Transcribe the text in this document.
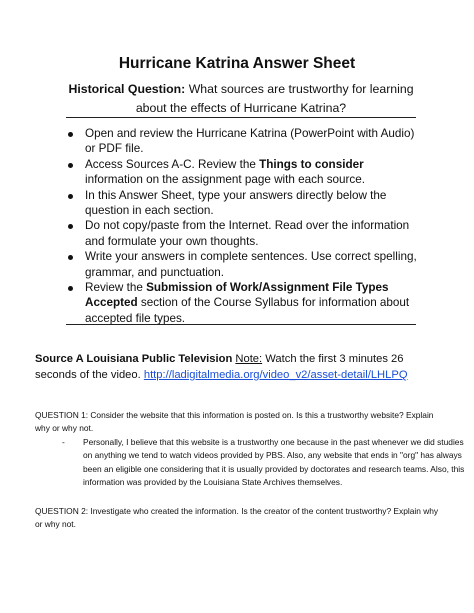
Hurricane Katrina Answer Sheet
Historical Question: What sources are trustworthy for learning about the effects of Hurricane Katrina?
Open and review the Hurricane Katrina (PowerPoint with Audio) or PDF file.
Access Sources A-C. Review the Things to consider information on the assignment page with each source.
In this Answer Sheet, type your answers directly below the question in each section.
Do not copy/paste from the Internet. Read over the information and formulate your own thoughts.
Write your answers in complete sentences. Use correct spelling, grammar, and punctuation.
Review the Submission of Work/Assignment File Types Accepted section of the Course Syllabus for information about accepted file types.
Source A Louisiana Public Television Note: Watch the first 3 minutes 26 seconds of the video. http://ladigitalmedia.org/video_v2/asset-detail/LHLPQ
QUESTION 1: Consider the website that this information is posted on. Is this a trustworthy website? Explain why or why not.
- Personally, I believe that this website is a trustworthy one because in the past whenever we did studies on anything we tend to watch videos provided by PBS. Also, any website that ends in "org" has always been an eligible one considering that it is usually provided by doctorates and research teams. Also, this information was provided by the Louisiana State Archives themselves.
QUESTION 2: Investigate who created the information. Is the creator of the content trustworthy? Explain why or why not.
